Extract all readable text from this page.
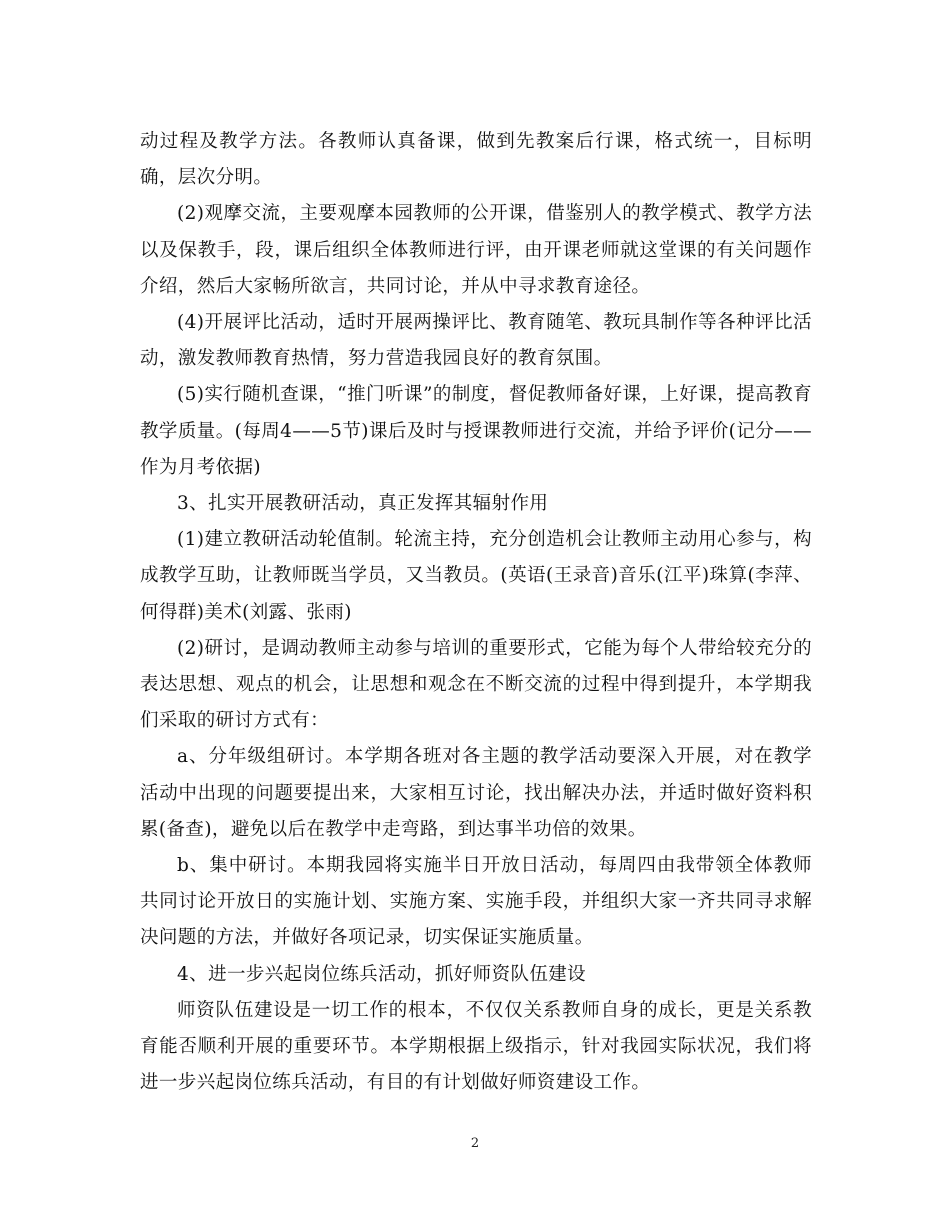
动过程及教学方法。各教师认真备课，做到先教案后行课，格式统一，目标明确，层次分明。

(2)观摩交流，主要观摩本园教师的公开课，借鉴别人的教学模式、教学方法以及保教手，段，课后组织全体教师进行评，由开课老师就这堂课的有关问题作介绍，然后大家畅所欲言，共同讨论，并从中寻求教育途径。

(4)开展评比活动，适时开展两操评比、教育随笔、教玩具制作等各种评比活动，激发教师教育热情，努力营造我园良好的教育氛围。

(5)实行随机查课，“推门听课”的制度，督促教师备好课，上好课，提高教育教学质量。(每周4——5节)课后及时与授课教师进行交流，并给予评价(记分——作为月考依据)

3、扎实开展教研活动，真正发挥其辐射作用

(1)建立教研活动轮值制。轮流主持，充分创造机会让教师主动用心参与，构成教学互助，让教师既当学员，又当教员。(英语(王录音)音乐(江平)珠算(李萍、何得群)美术(刘露、张雨)

(2)研讨，是调动教师主动参与培训的重要形式，它能为每个人带给较充分的表达思想、观点的机会，让思想和观念在不断交流的过程中得到提升，本学期我们采取的研讨方式有：

a、分年级组研讨。本学期各班对各主题的教学活动要深入开展，对在教学活动中出现的问题要提出来，大家相互讨论，找出解决办法，并适时做好资料积累(备查)，避免以后在教学中走弯路，到达事半功倍的效果。

b、集中研讨。本期我园将实施半日开放日活动，每周四由我带领全体教师共同讨论开放日的实施计划、实施方案、实施手段，并组织大家一齐共同寻求解决问题的方法，并做好各项记录，切实保证实施质量。

4、进一步兴起岗位练兵活动，抓好师资队伍建设

师资队伍建设是一切工作的根本，不仅仅关系教师自身的成长，更是关系教育能否顺利开展的重要环节。本学期根据上级指示，针对我园实际状况，我们将进一步兴起岗位练兵活动，有目的有计划做好师资建设工作。

2
